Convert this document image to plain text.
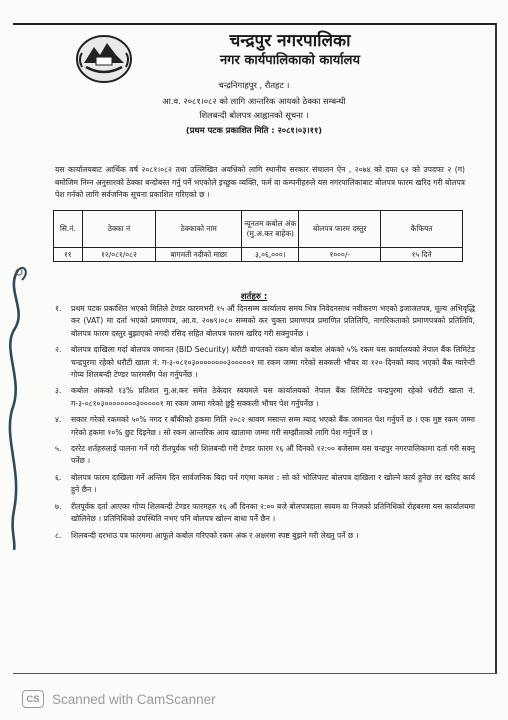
चन्द्रपुर नगरपालिका
नगर कार्यपालिकाको कार्यालय
चन्द्रनिगाहपुर , रौतहट ।
आ.व. २०८१।०८२ को लागि आन्तरिक आयको ठेक्का सम्बन्धी
शिलबन्दी बोलपत्र आह्वानको सूचना ।
(प्रथम पटक प्रकाशित मिति : २०८१।०३।११)
यस कार्यालयबाट आर्थिक वर्ष २०८१।०८२ तथा उल्लिखित अवधिको लागि स्थानीय सरकार संचालन ऐन , २०७४ को दफा ६२ को उपदफा २ (ग) बमोजिम निम्न अनुसारको ठेक्का बन्दोबस्त गर्नु पर्ने भएकोले इच्छुक व्यक्ति, फर्म वा कम्पनीहरुले यस नगरपालिकाबाट बोलपत्र फारम खरिद गरी बोलपत्र पेश गर्नको लागि सर्वजनिक सूचना प्रकाशित गरिएको छ ।
सि.नं.	ठेक्का नं	ठेक्काको नाम	न्यूनतम कबोल अंक (मु.अ.कर बाहेक)	बोलपत्र फारम दस्तुर	कैफियत
११	१२/०८१/०८२	बागमती नदीको माछा	३,०६,०००।	१०००/-	१५ दिने
शर्तहरु :
१.	प्रथम पटक प्रकाशित भएको मितिले टेण्डर फारमभरी १५ औं दिनसम्म कार्यालय समय भित्र निवेदनसाथ नवीकरण भएको इजाजतपत्र, मूल्य अभिवृद्धि कर (VAT) मा दर्ता भएको प्रमाणपत्र, आ.व. २०७९।०८० सम्मको कर चुक्ता प्रमाणपत्र प्रमाणित प्रतिलिपि, नागरिकताको प्रमाणपत्रको प्रतिलिपि, बोलपत्र फारम दस्तुर बुझाएको नगदी रसिद सहित बोलपत्र फारम खरिद गरी सक्नुपर्नेछ ।
२.	बोलपत्र दाखिला गर्दा बोलपत्र जमानत (BID Security) धरौटी वापतको रकम बोल कबोल अंकको ५% रकम यस कार्यालयको नेपाल बैंक लिमिटेड चन्द्रपुरमा रहेको धरौटी खाता नं. ग-३-०८१०३००००००००३०००००१ मा रकम जम्मा गरेको सक्कली भौचर वा १२० दिनको म्याद भएको बैंक ग्यारेन्टी गोप्य शिलबन्दी टेण्डर फारमसँग पेश गर्नुपर्नेछ ।
३.	कबोल अंकको १३% प्रतिशत मु.अ.कर समेत ठेकेदार स्वयमले यस कार्यालयको नेपाल बैंक लिमिटेड चन्द्रपुरमा रहेको धरौटी खाता नं. ग-३-०८१०३००००००००३०००००१ मा रकम जम्मा गरेको छुट्टै सक्कली भौचर पेश गर्नुपर्नेछ ।
४.	सकार गरेको रकमको ५०% नगद र बाँकीको हकमा मिति २०८२ श्रावण मसान्त सम्म म्याद भएको बैंक जमानत पेश गर्नुपर्ने छ । एक मुष्ट रकम जम्मा गरेको हकमा १०% छुट दिइनेछ । सो रकम आन्तरिक आय खातामा जम्मा गरी सम्झौताको लागि पेश गर्नुपर्ने छ ।
५.	दररेट शर्तहरुलाई पालना गर्ने गरी रीतपूर्वक भरी शिलबन्दी गरी टेण्डर फारम १६ औं दिनको १२:०० बजेसम्म यस चन्द्रपुर नगरपालिकामा दर्ता गरी सक्नु पर्नेछ ।
६.	बोलपत्र फारम दाखिला गर्ने अन्तिम दिन सार्वजनिक बिदा पर्न गएमा कमश : सो को भोलिपल्ट बोलपत्र दाखिला र खोल्ने कार्य हुनेछ तर खरिद कार्य हुने छैन ।
७.	रीतपूर्वक दर्ता आएका गोप्य शिलबन्दी टेण्डर फारमहरु १६ औं दिनका २:०० बजे बोलपत्रदाता स्वयम वा निजको प्रतिनिधिको रोहबरमा यस कार्यालयमा खोलिनेछ । प्रतिनिधिको उपस्थिति नभए पनि बोलपत्र खोल्न बाधा पर्ने छैन ।
८.	शिलबन्दी दरभाउ पत्र फारममा आफूले कबोल गरिएको रकम अंक र अक्षरमा स्पष्ट बुझने गरी लेख्नु पर्ने छ ।
CS Scanned with CamScanner
